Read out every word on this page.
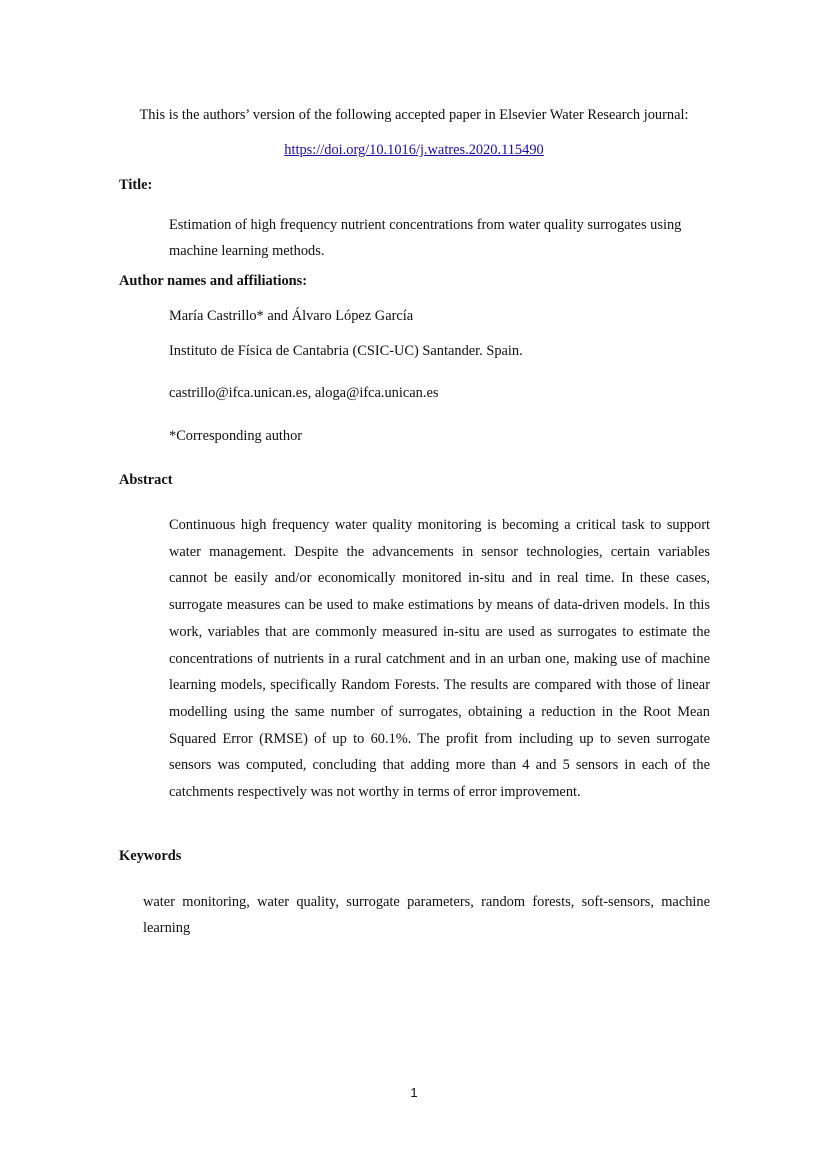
This is the authors’ version of the following accepted paper in Elsevier Water Research journal:
https://doi.org/10.1016/j.watres.2020.115490
Title:
Estimation of high frequency nutrient concentrations from water quality surrogates using machine learning methods.
Author names and affiliations:
María Castrillo* and Álvaro López García
Instituto de Física de Cantabria (CSIC-UC) Santander. Spain.
castrillo@ifca.unican.es, aloga@ifca.unican.es
*Corresponding author
Abstract
Continuous high frequency water quality monitoring is becoming a critical task to support water management. Despite the advancements in sensor technologies, certain variables cannot be easily and/or economically monitored in-situ and in real time. In these cases, surrogate measures can be used to make estimations by means of data-driven models. In this work, variables that are commonly measured in-situ are used as surrogates to estimate the concentrations of nutrients in a rural catchment and in an urban one, making use of machine learning models, specifically Random Forests. The results are compared with those of linear modelling using the same number of surrogates, obtaining a reduction in the Root Mean Squared Error (RMSE) of up to 60.1%. The profit from including up to seven surrogate sensors was computed, concluding that adding more than 4 and 5 sensors in each of the catchments respectively was not worthy in terms of error improvement.
Keywords
water monitoring, water quality, surrogate parameters, random forests, soft-sensors, machine learning
1
